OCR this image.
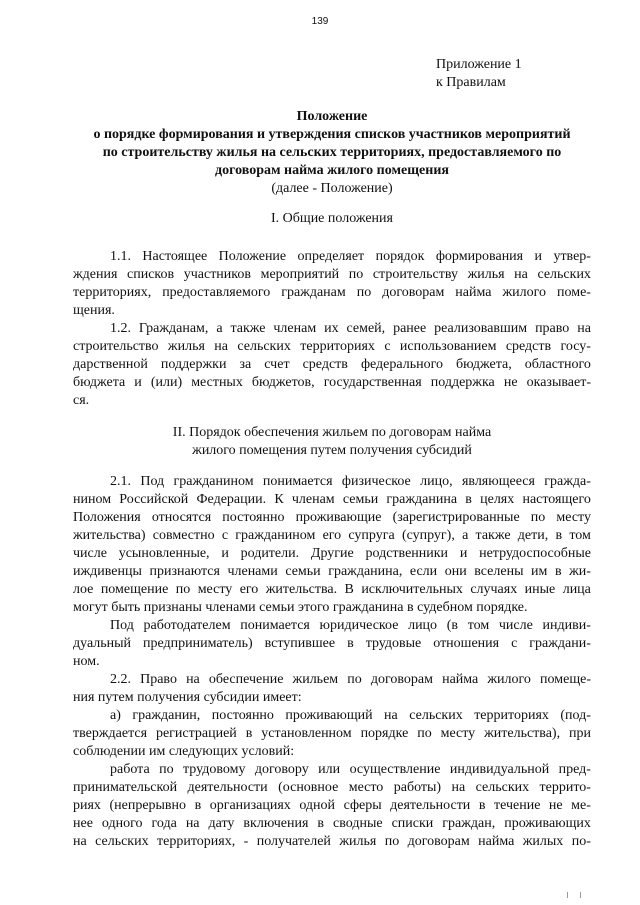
139
Приложение 1
к Правилам
Положение
о порядке формирования и утверждения списков участников мероприятий
по строительству жилья на сельских территориях, предоставляемого по
договорам найма жилого помещения
(далее - Положение)
I. Общие положения
1.1. Настоящее Положение определяет порядок формирования и утвер-
ждения списков участников мероприятий по строительству жилья на сельских
территориях, предоставляемого гражданам по договорам найма жилого поме-
щения.
1.2. Гражданам, а также членам их семей, ранее реализовавшим право на
строительство жилья на сельских территориях с использованием средств госу-
дарственной поддержки за счет средств федерального бюджета, областного
бюджета и (или) местных бюджетов, государственная поддержка не оказывает-
ся.
II. Порядок обеспечения жильем по договорам найма
жилого помещения путем получения субсидий
2.1. Под гражданином понимается физическое лицо, являющееся гражда-
нином Российской Федерации. К членам семьи гражданина в целях настоящего
Положения относятся постоянно проживающие (зарегистрированные по месту
жительства) совместно с гражданином его супруга (супруг), а также дети, в том
числе усыновленные, и родители. Другие родственники и нетрудоспособные
иждивенцы признаются членами семьи гражданина, если они вселены им в жи-
лое помещение по месту его жительства. В исключительных случаях иные лица
могут быть признаны членами семьи этого гражданина в судебном порядке.
Под работодателем понимается юридическое лицо (в том числе индиви-
дуальный предприниматель) вступившее в трудовые отношения с граждани-
ном.
2.2. Право на обеспечение жильем по договорам найма жилого помеще-
ния путем получения субсидии имеет:
а) гражданин, постоянно проживающий на сельских территориях (под-
тверждается регистрацией в установленном порядке по месту жительства), при
соблюдении им следующих условий:
работа по трудовому договору или осуществление индивидуальной пред-
принимательской деятельности (основное место работы) на сельских террито-
риях (непрерывно в организациях одной сферы деятельности в течение не ме-
нее одного года на дату включения в сводные списки граждан, проживающих
на сельских территориях, - получателей жилья по договорам найма жилых по-
